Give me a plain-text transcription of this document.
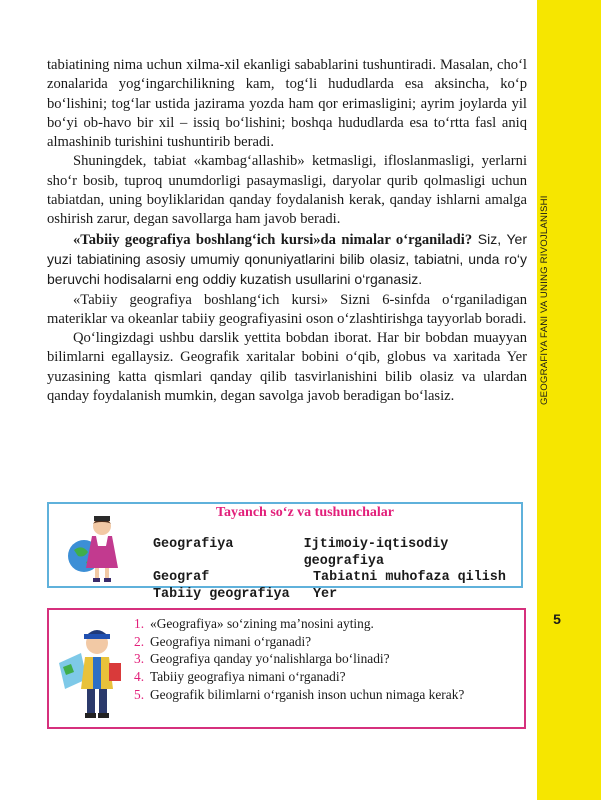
GEOGRAFIYA FANI VA UNING RIVOJLANISHI
5

tabiatining nima uchun xilma-xil ekanligi sabablarini tushuntiradi. Masalan, cho‘l zonalarida yog‘ingarchilikning kam, tog‘li hududlarda esa aksincha, ko‘p bo‘lishini; tog‘lar ustida jazirama yozda ham qor erimasligini; ayrim joylarda yil bo‘yi ob-havo bir xil – issiq bo‘lishini; boshqa hududlarda esa to‘rtta fasl aniq almashinib turishini tushuntirib beradi.

Shuningdek, tabiat «kambag‘allashib» ketmasligi, ifloslanmasligi, yerlarni sho‘r bosib, tuproq unumdorligi pasaymasligi, daryolar qurib qolmasligi uchun tabiatdan, uning boyliklaridan qanday foydalanish kerak, qanday ishlarni amalga oshirish zarur, degan savollarga ham javob beradi.

«Tabiiy geografiya boshlang‘ich kursi»da nimalar o‘rganiladi? Siz, Yer yuzi tabiatining asosiy umumiy qonuniyatlarini bilib olasiz, tabiatni, unda ro‘y beruvchi hodisalarni eng oddiy kuzatish usullarini o‘rganasiz.

«Tabiiy geografiya boshlang‘ich kursi» Sizni 6-sinfda o‘rganiladigan materiklar va okeanlar tabiiy geografiyasini oson o‘zlashtirishga tayyorlab boradi.

Qo‘lingizdagi ushbu darslik yettita bobdan iborat. Har bir bobdan muayyan bilimlarni egallaysiz. Geografik xaritalar bobini o‘qib, globus va xaritada Yer yuzasining katta qismlari qanday qilib tasvirlanishini bilib olasiz va ulardan qanday foydalanish mumkin, degan savolga javob beradigan bo‘lasiz.

Tayanch so‘z va tushunchalar
Geografiya	Ijtimoiy-iqtisodiy geografiya
Geograf	Tabiatni muhofaza qilish
Tabiiy geografiya	Yer
1. «Geografiya» so‘zining ma’nosini ayting.
2. Geografiya nimani o‘rganadi?
3. Geografiya qanday yo‘nalishlarga bo‘linadi?
4. Tabiiy geografiya nimani o‘rganadi?
5. Geografik bilimlarni o‘rganish inson uchun nimaga kerak?
